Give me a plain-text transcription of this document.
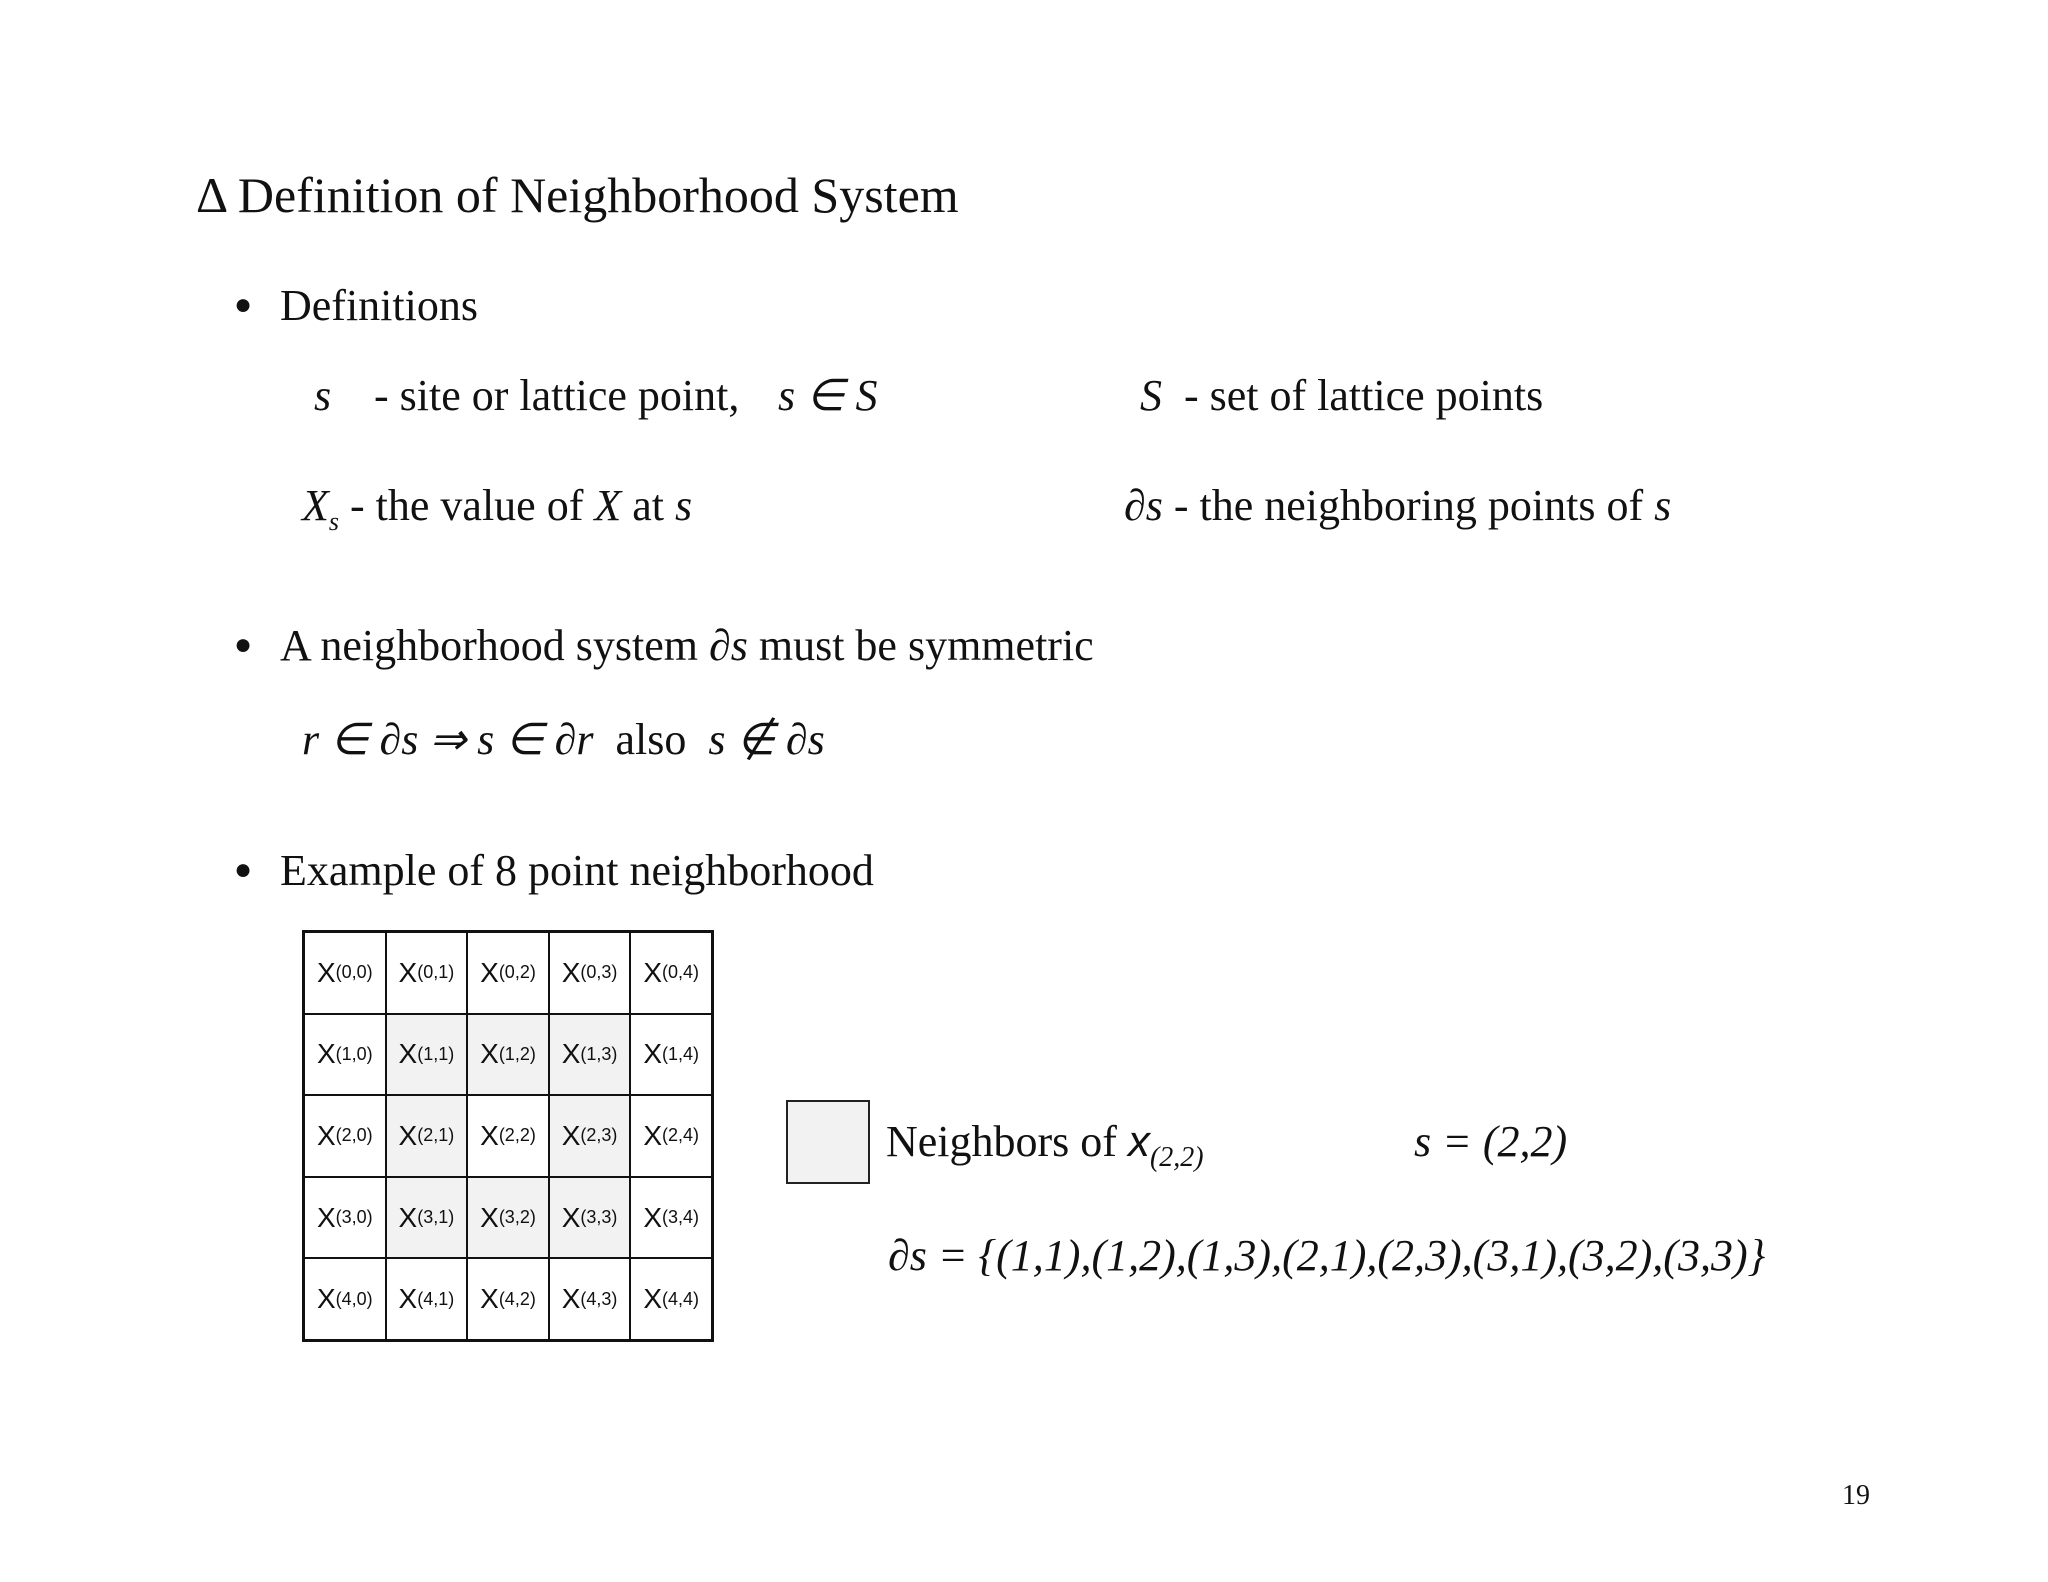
Δ Definition of Neighborhood System
● Definitions
s - site or lattice point, s ∈ S	S - set of lattice points
$X_s$ - the value of X at s	∂s - the neighboring points of s
● A neighborhood system ∂s must be symmetric
r ∈ ∂s ⇒ s ∈ ∂r also s ∉ ∂s
● Example of 8 point neighborhood
X (0,0) X (0,1) X (0,2) X (0,3) X (0,4)
X (1,0) X (1,1) X (1,2) X (1,3) X (1,4)
X (2,0) X (2,1) X (2,2) X (2,3) X (2,4)
X (3,0) X (3,1) X (3,2) X (3,3) X (3,4)
X (4,0) X (4,1) X (4,2) X (4,3) X (4,4)
Neighbors of $x_{(2,2)}$	s = (2,2)
∂s = {(1,1),(1,2),(1,3),(2,1),(2,3),(3,1),(3,2),(3,3)}
19
